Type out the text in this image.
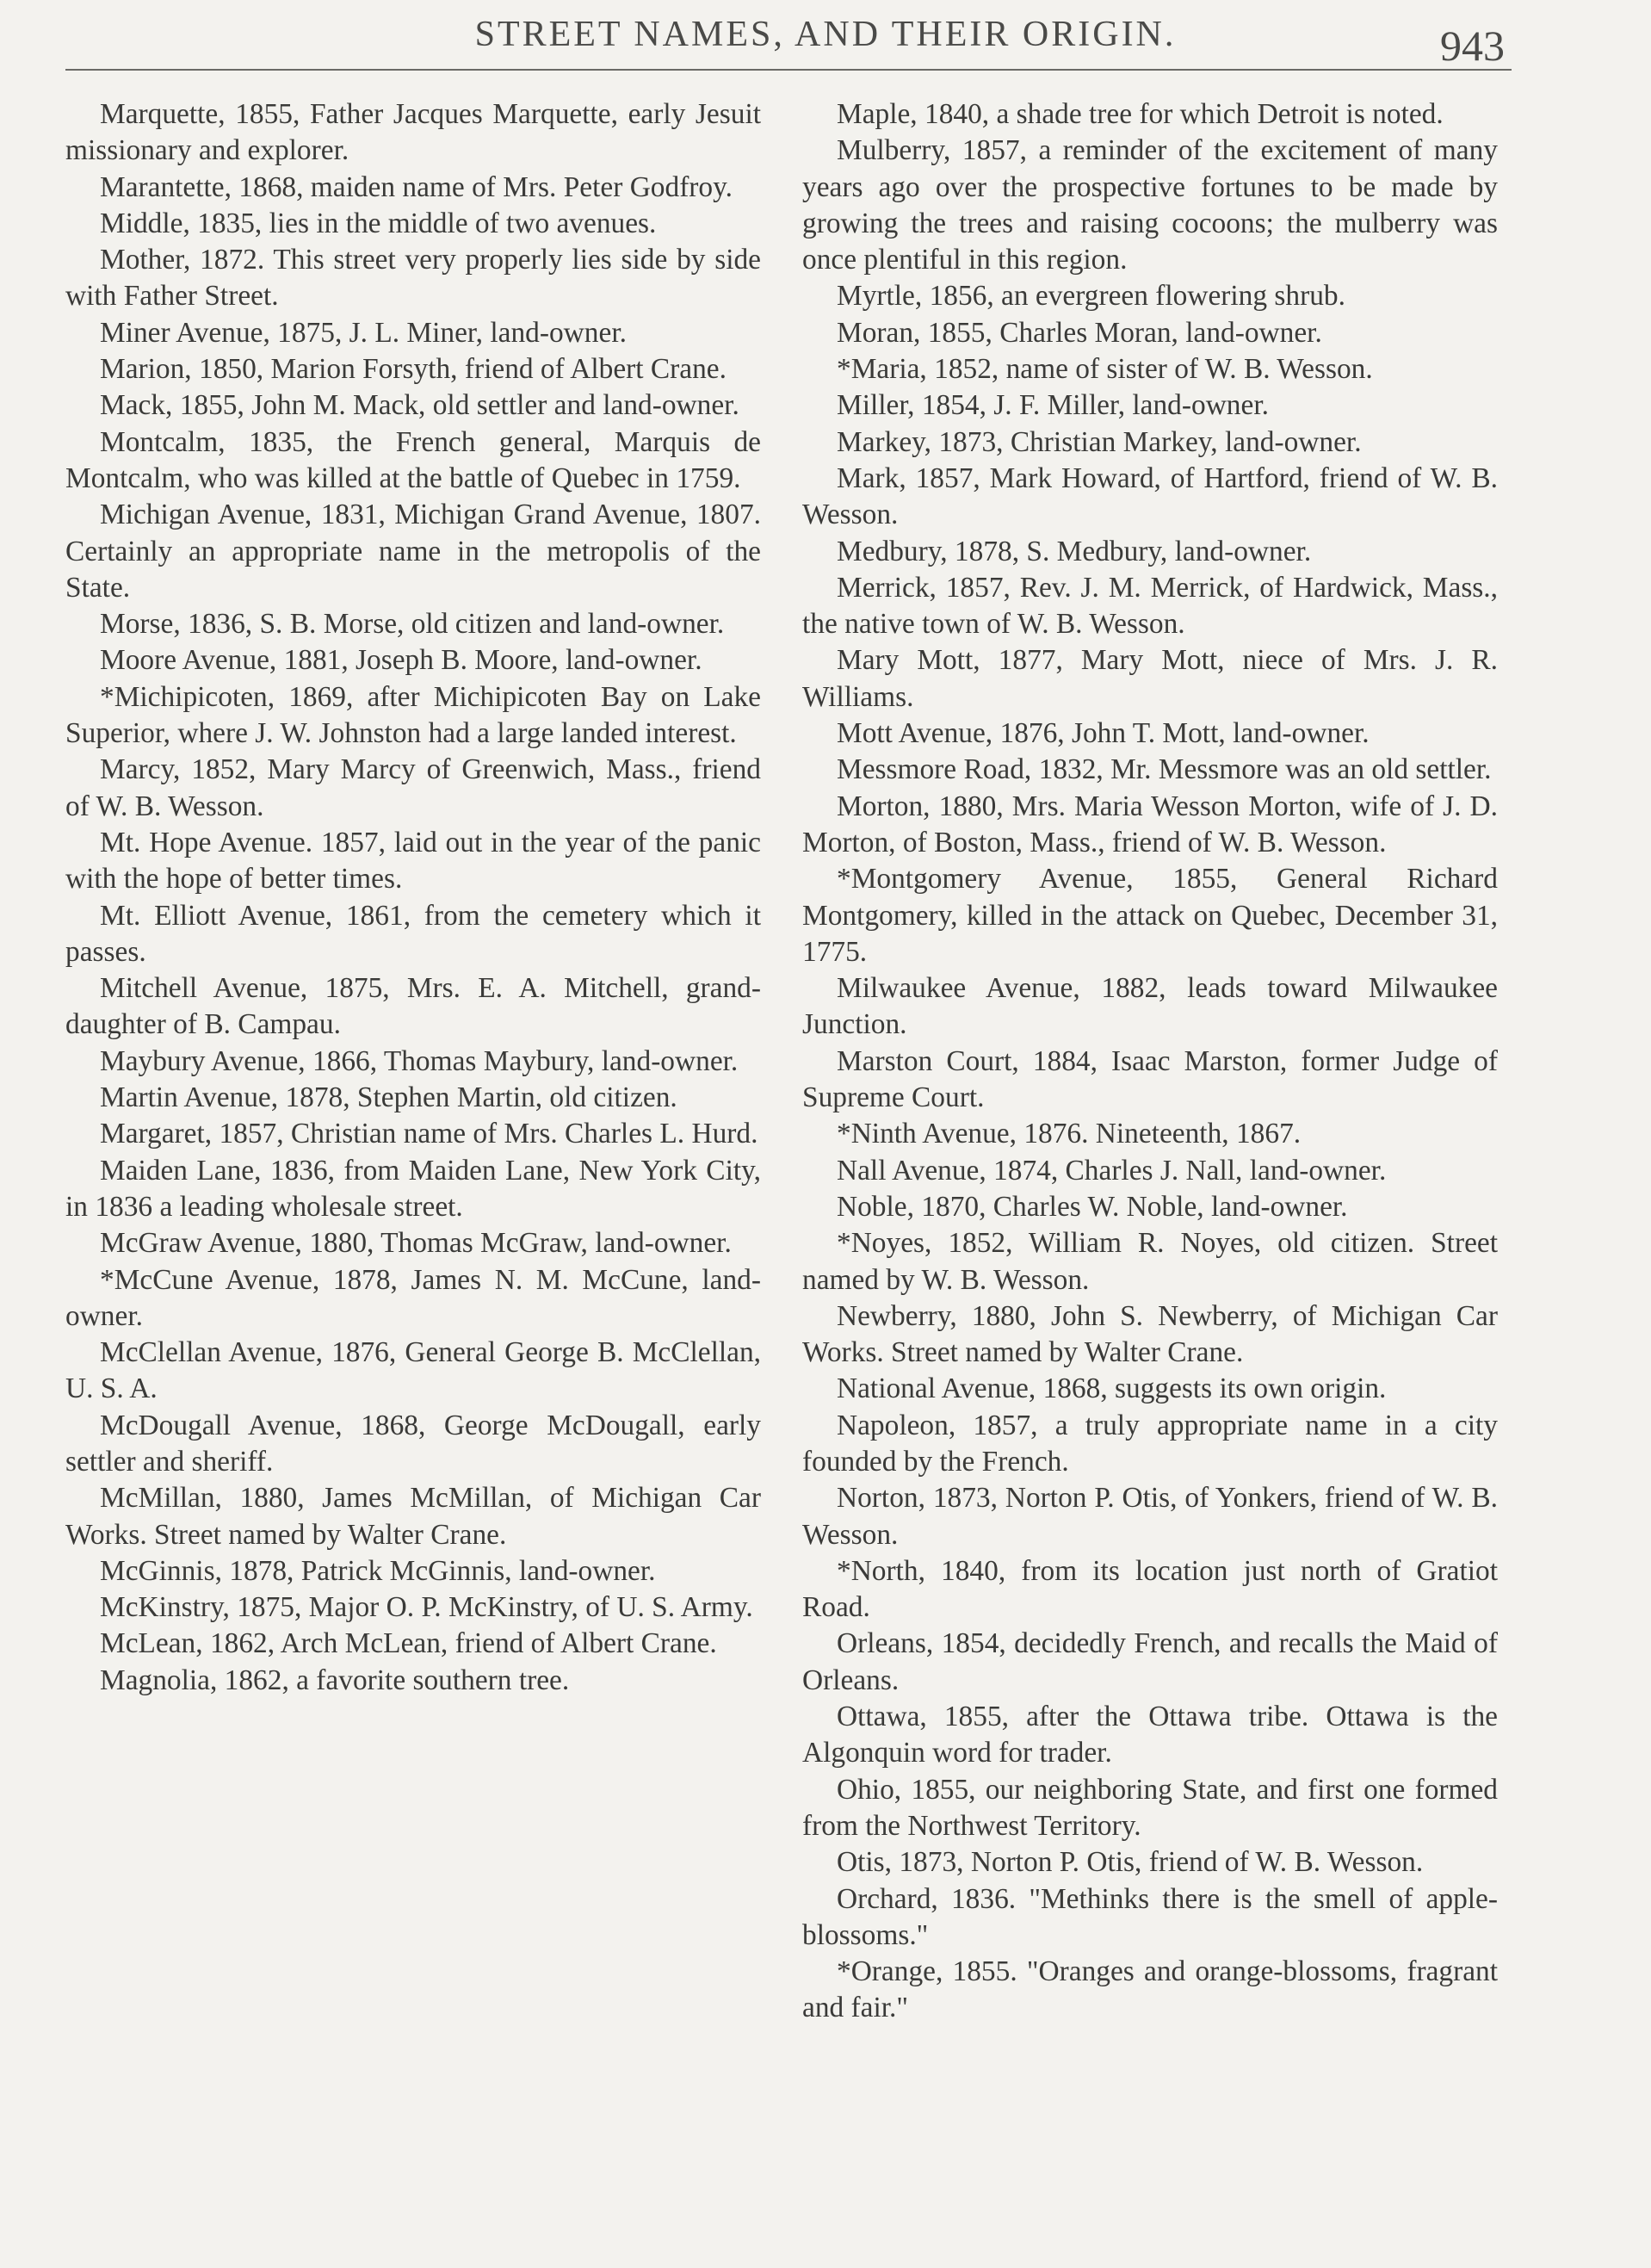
STREET NAMES, AND THEIR ORIGIN.	943

Marquette, 1855, Father Jacques Marquette, early Jesuit missionary and explorer.

Marantette, 1868, maiden name of Mrs. Peter Godfroy.

Middle, 1835, lies in the middle of two avenues.

Mother, 1872. This street very properly lies side by side with Father Street.

Miner Avenue, 1875, J. L. Miner, land-owner.

Marion, 1850, Marion Forsyth, friend of Albert Crane.

Mack, 1855, John M. Mack, old settler and land-owner.

Montcalm, 1835, the French general, Marquis de Montcalm, who was killed at the battle of Quebec in 1759.

Michigan Avenue, 1831, Michigan Grand Avenue, 1807. Certainly an appropriate name in the metropolis of the State.

Morse, 1836, S. B. Morse, old citizen and land-owner.

Moore Avenue, 1881, Joseph B. Moore, land-owner.

*Michipicoten, 1869, after Michipicoten Bay on Lake Superior, where J. W. Johnston had a large landed interest.

Marcy, 1852, Mary Marcy of Greenwich, Mass., friend of W. B. Wesson.

Mt. Hope Avenue. 1857, laid out in the year of the panic with the hope of better times.

Mt. Elliott Avenue, 1861, from the cemetery which it passes.

Mitchell Avenue, 1875, Mrs. E. A. Mitchell, grand-daughter of B. Campau.

Maybury Avenue, 1866, Thomas Maybury, land-owner.

Martin Avenue, 1878, Stephen Martin, old citizen.

Margaret, 1857, Christian name of Mrs. Charles L. Hurd.

Maiden Lane, 1836, from Maiden Lane, New York City, in 1836 a leading wholesale street.

McGraw Avenue, 1880, Thomas McGraw, land-owner.

*McCune Avenue, 1878, James N. M. McCune, land-owner.

McClellan Avenue, 1876, General George B. McClellan, U. S. A.

McDougall Avenue, 1868, George McDougall, early settler and sheriff.

McMillan, 1880, James McMillan, of Michigan Car Works. Street named by Walter Crane.

McGinnis, 1878, Patrick McGinnis, land-owner.

McKinstry, 1875, Major O. P. McKinstry, of U. S. Army.

McLean, 1862, Arch McLean, friend of Albert Crane.

Magnolia, 1862, a favorite southern tree.

Maple, 1840, a shade tree for which Detroit is noted.

Mulberry, 1857, a reminder of the excitement of many years ago over the prospective fortunes to be made by growing the trees and raising cocoons; the mulberry was once plentiful in this region.

Myrtle, 1856, an evergreen flowering shrub.

Moran, 1855, Charles Moran, land-owner.

*Maria, 1852, name of sister of W. B. Wesson.

Miller, 1854, J. F. Miller, land-owner.

Markey, 1873, Christian Markey, land-owner.

Mark, 1857, Mark Howard, of Hartford, friend of W. B. Wesson.

Medbury, 1878, S. Medbury, land-owner.

Merrick, 1857, Rev. J. M. Merrick, of Hardwick, Mass., the native town of W. B. Wesson.

Mary Mott, 1877, Mary Mott, niece of Mrs. J. R. Williams.

Mott Avenue, 1876, John T. Mott, land-owner.

Messmore Road, 1832, Mr. Messmore was an old settler.

Morton, 1880, Mrs. Maria Wesson Morton, wife of J. D. Morton, of Boston, Mass., friend of W. B. Wesson.

*Montgomery Avenue, 1855, General Richard Montgomery, killed in the attack on Quebec, December 31, 1775.

Milwaukee Avenue, 1882, leads toward Milwaukee Junction.

Marston Court, 1884, Isaac Marston, former Judge of Supreme Court.

*Ninth Avenue, 1876. Nineteenth, 1867.

Nall Avenue, 1874, Charles J. Nall, land-owner.

Noble, 1870, Charles W. Noble, land-owner.

*Noyes, 1852, William R. Noyes, old citizen. Street named by W. B. Wesson.

Newberry, 1880, John S. Newberry, of Michigan Car Works. Street named by Walter Crane.

National Avenue, 1868, suggests its own origin.

Napoleon, 1857, a truly appropriate name in a city founded by the French.

Norton, 1873, Norton P. Otis, of Yonkers, friend of W. B. Wesson.

*North, 1840, from its location just north of Gratiot Road.

Orleans, 1854, decidedly French, and recalls the Maid of Orleans.

Ottawa, 1855, after the Ottawa tribe. Ottawa is the Algonquin word for trader.

Ohio, 1855, our neighboring State, and first one formed from the Northwest Territory.

Otis, 1873, Norton P. Otis, friend of W. B. Wesson.

Orchard, 1836. "Methinks there is the smell of apple-blossoms."

*Orange, 1855. "Oranges and orange-blossoms, fragrant and fair."
